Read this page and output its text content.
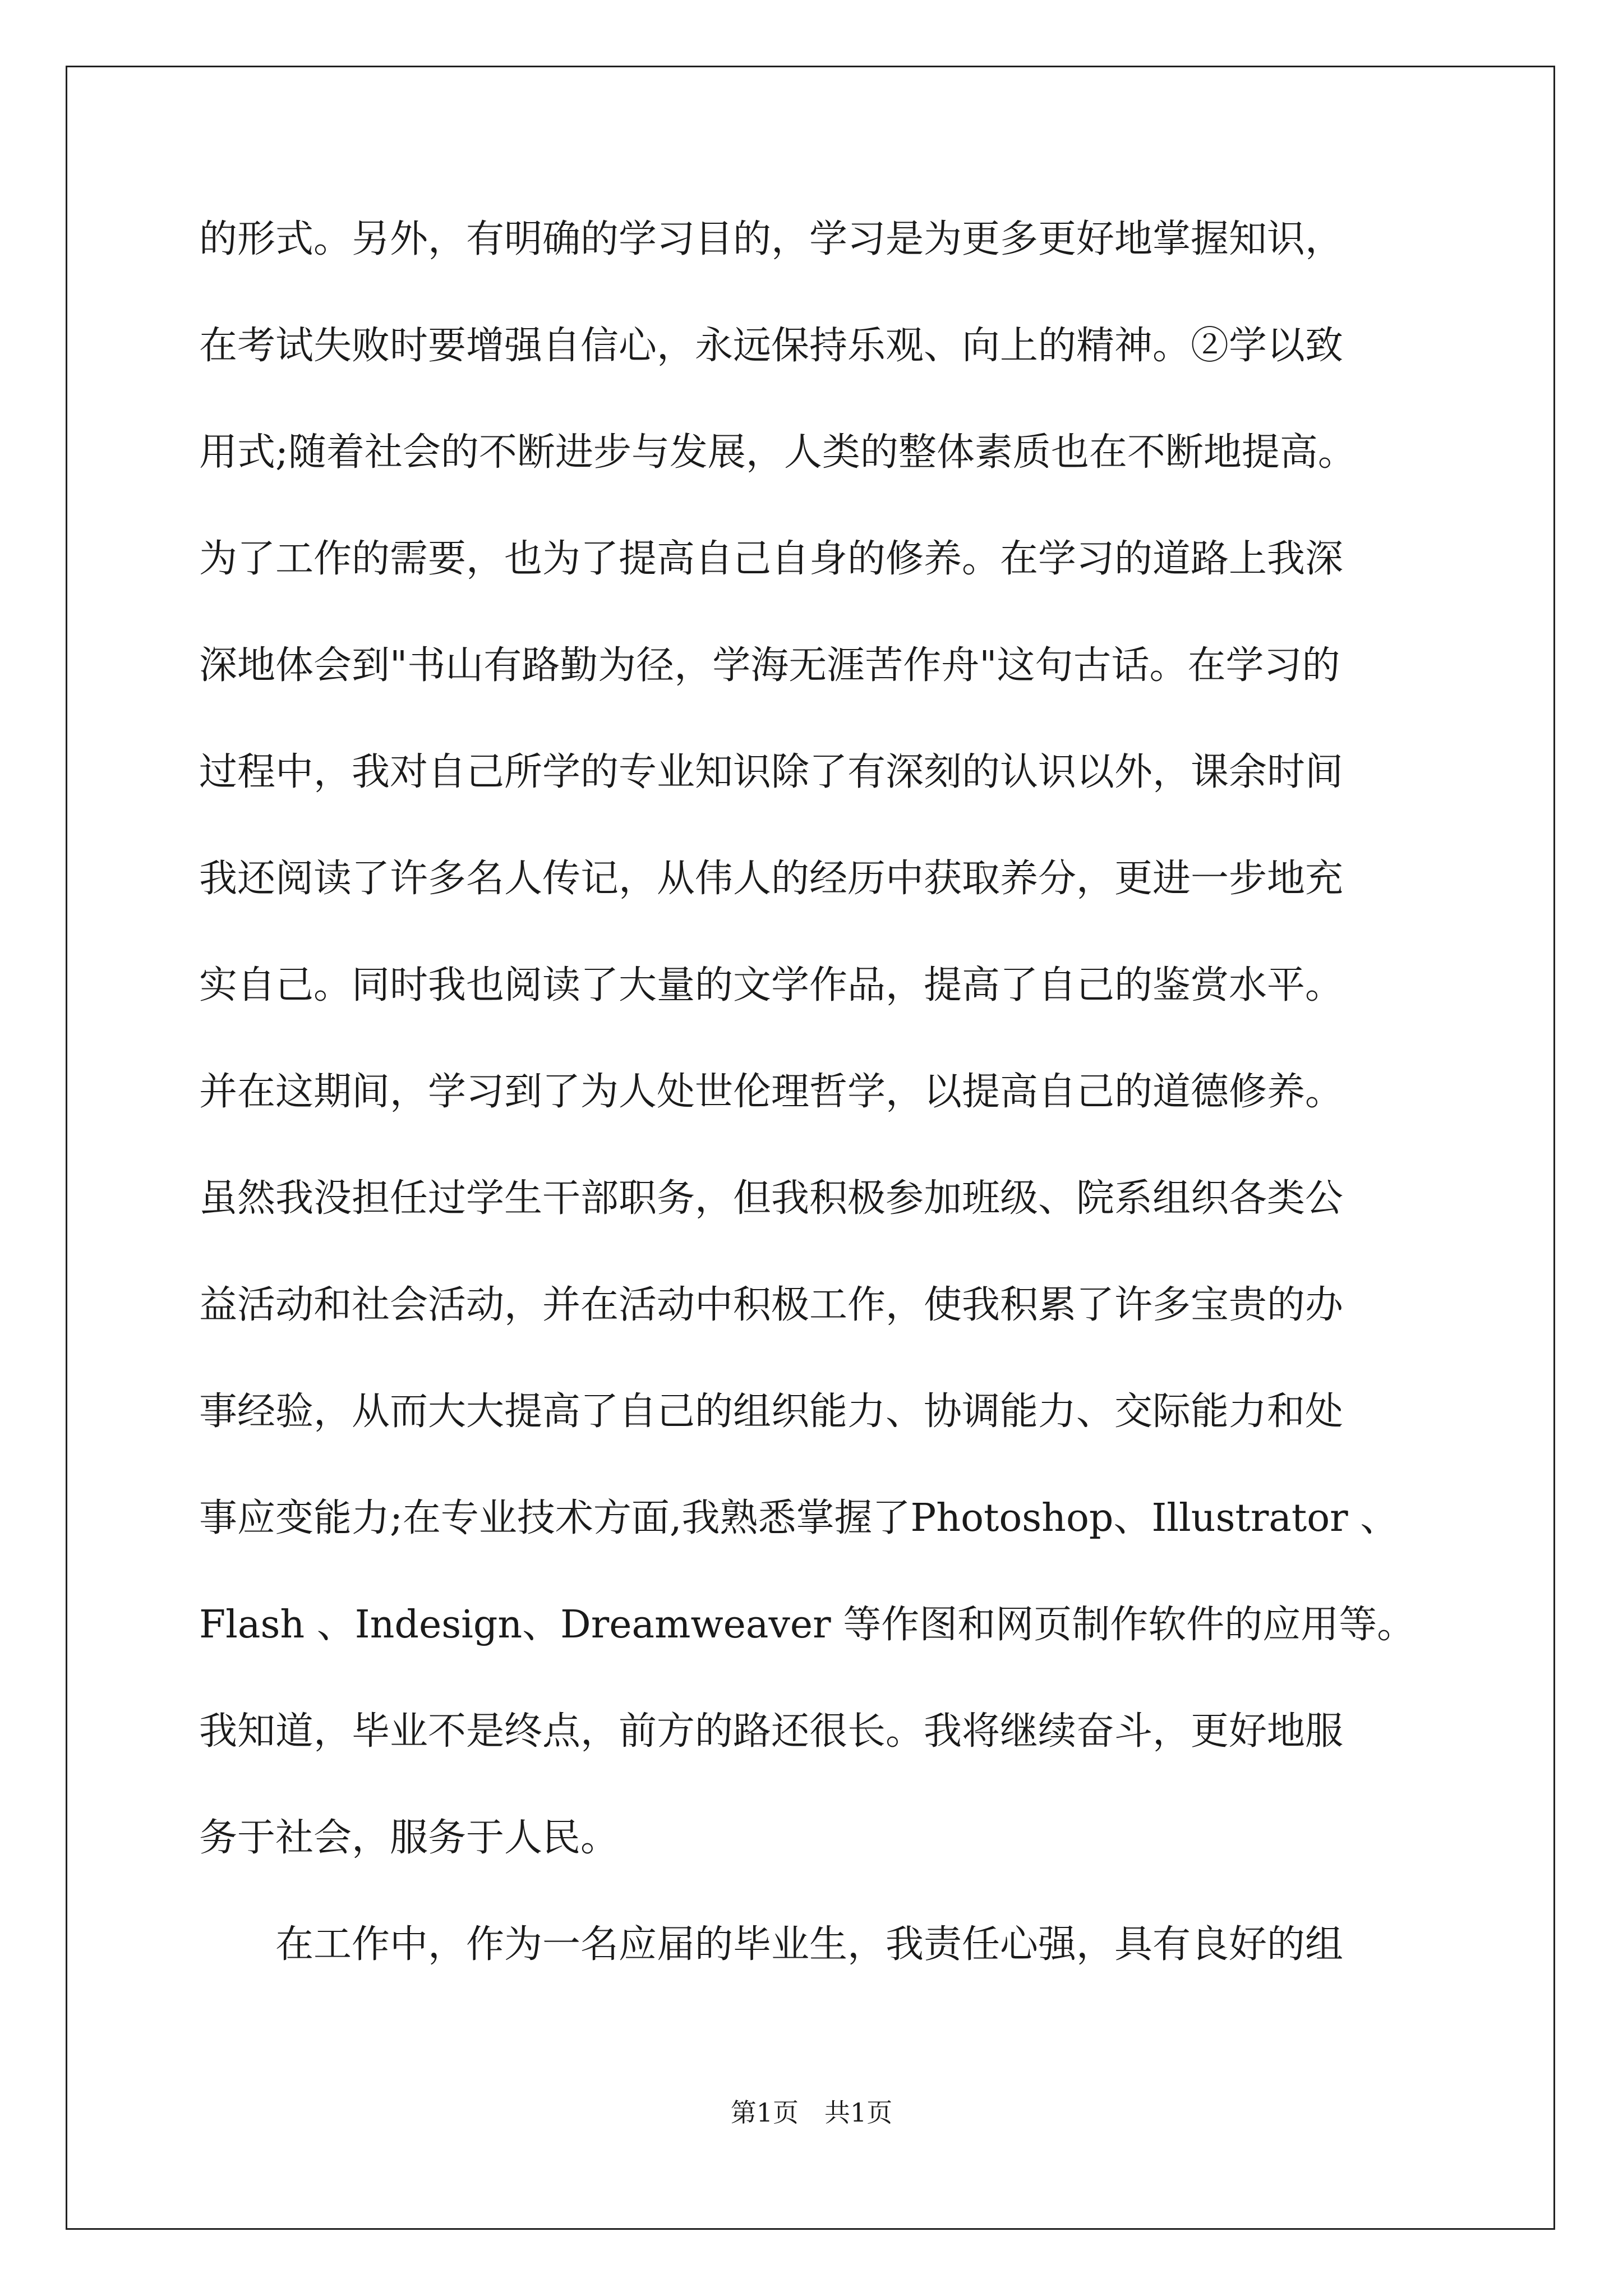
的形式。另外，有明确的学习目的，学习是为更多更好地掌握知识，
在考试失败时要增强自信心，永远保持乐观、向上的精神。②学以致
用式;随着社会的不断进步与发展，人类的整体素质也在不断地提高。
为了工作的需要，也为了提高自己自身的修养。在学习的道路上我深
深地体会到"书山有路勤为径，学海无涯苦作舟"这句古话。在学习的
过程中，我对自己所学的专业知识除了有深刻的认识以外，课余时间
我还阅读了许多名人传记，从伟人的经历中获取养分，更进一步地充
实自己。同时我也阅读了大量的文学作品，提高了自己的鉴赏水平。
并在这期间，学习到了为人处世伦理哲学，以提高自己的道德修养。
虽然我没担任过学生干部职务，但我积极参加班级、院系组织各类公
益活动和社会活动，并在活动中积极工作，使我积累了许多宝贵的办
事经验，从而大大提高了自己的组织能力、协调能力、交际能力和处
事应变能力;在专业技术方面,我熟悉掌握了Photoshop、Illustrator 、
Flash 、Indesign、Dreamweaver 等作图和网页制作软件的应用等。
我知道，毕业不是终点，前方的路还很长。我将继续奋斗，更好地服
务于社会，服务于人民。
在工作中，作为一名应届的毕业生，我责任心强，具有良好的组
第1页　共1页
